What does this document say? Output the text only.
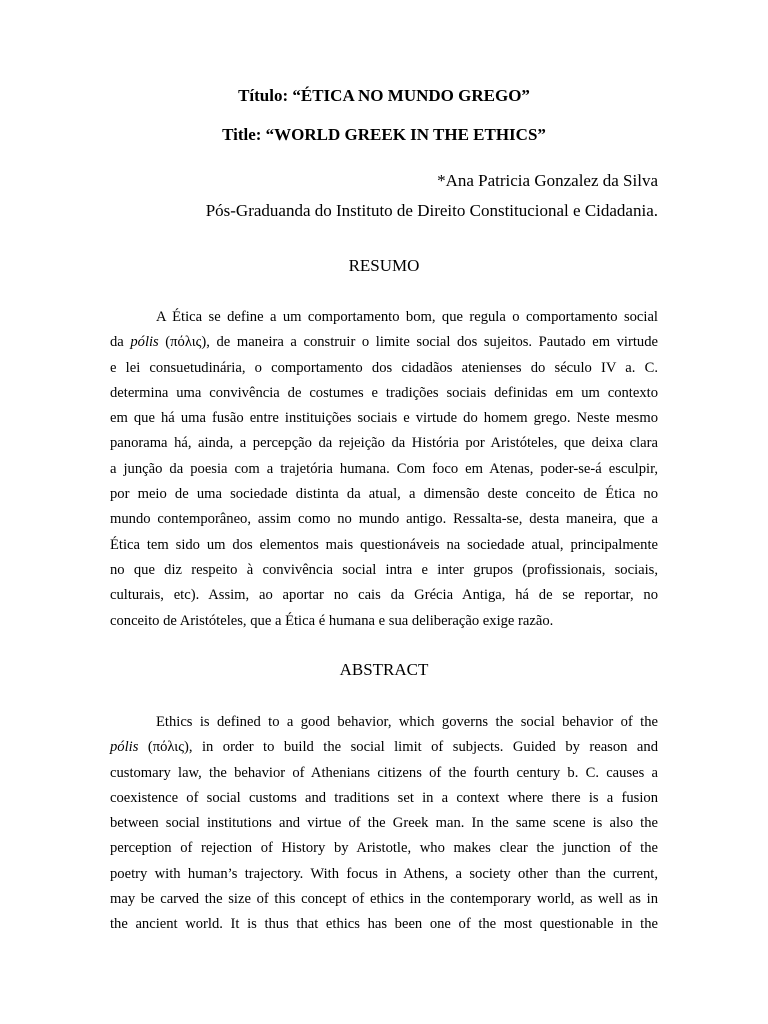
Título: “ÉTICA NO MUNDO GREGO”
Title: “WORLD GREEK IN THE ETHICS”
*Ana Patricia Gonzalez da Silva
Pós-Graduanda do Instituto de Direito Constitucional e Cidadania.
RESUMO
A Ética se define a um comportamento bom, que regula o comportamento social
da pólis (πόλις), de maneira a construir o limite social dos sujeitos. Pautado em virtude
e lei consuetudinária, o comportamento dos cidadãos atenienses do século IV a. C.
determina uma convivência de costumes e tradições sociais definidas em um contexto
em que há uma fusão entre instituições sociais e virtude do homem grego. Neste mesmo
panorama há, ainda, a percepção da rejeição da História por Aristóteles, que deixa clara
a junção da poesia com a trajetória humana. Com foco em Atenas, poder-se-á esculpir,
por meio de uma sociedade distinta da atual, a dimensão deste conceito de Ética no
mundo contemporâneo, assim como no mundo antigo. Ressalta-se, desta maneira, que a
Ética tem sido um dos elementos mais questionáveis na sociedade atual, principalmente
no que diz respeito à convivência social intra e inter grupos (profissionais, sociais,
culturais, etc). Assim, ao aportar no cais da Grécia Antiga, há de se reportar, no
conceito de Aristóteles, que a Ética é humana e sua deliberação exige razão.
ABSTRACT
Ethics is defined to a good behavior, which governs the social behavior of the
pólis (πόλις), in order to build the social limit of subjects. Guided by reason and
customary law, the behavior of Athenians citizens of the fourth century b. C. causes a
coexistence of social customs and traditions set in a context where there is a fusion
between social institutions and virtue of the Greek man. In the same scene is also the
perception of rejection of History by Aristotle, who makes clear the junction of the
poetry with human’s trajectory. With focus in Athens, a society other than the current,
may be carved the size of this concept of ethics in the contemporary world, as well as in
the ancient world. It is thus that ethics has been one of the most questionable in the
